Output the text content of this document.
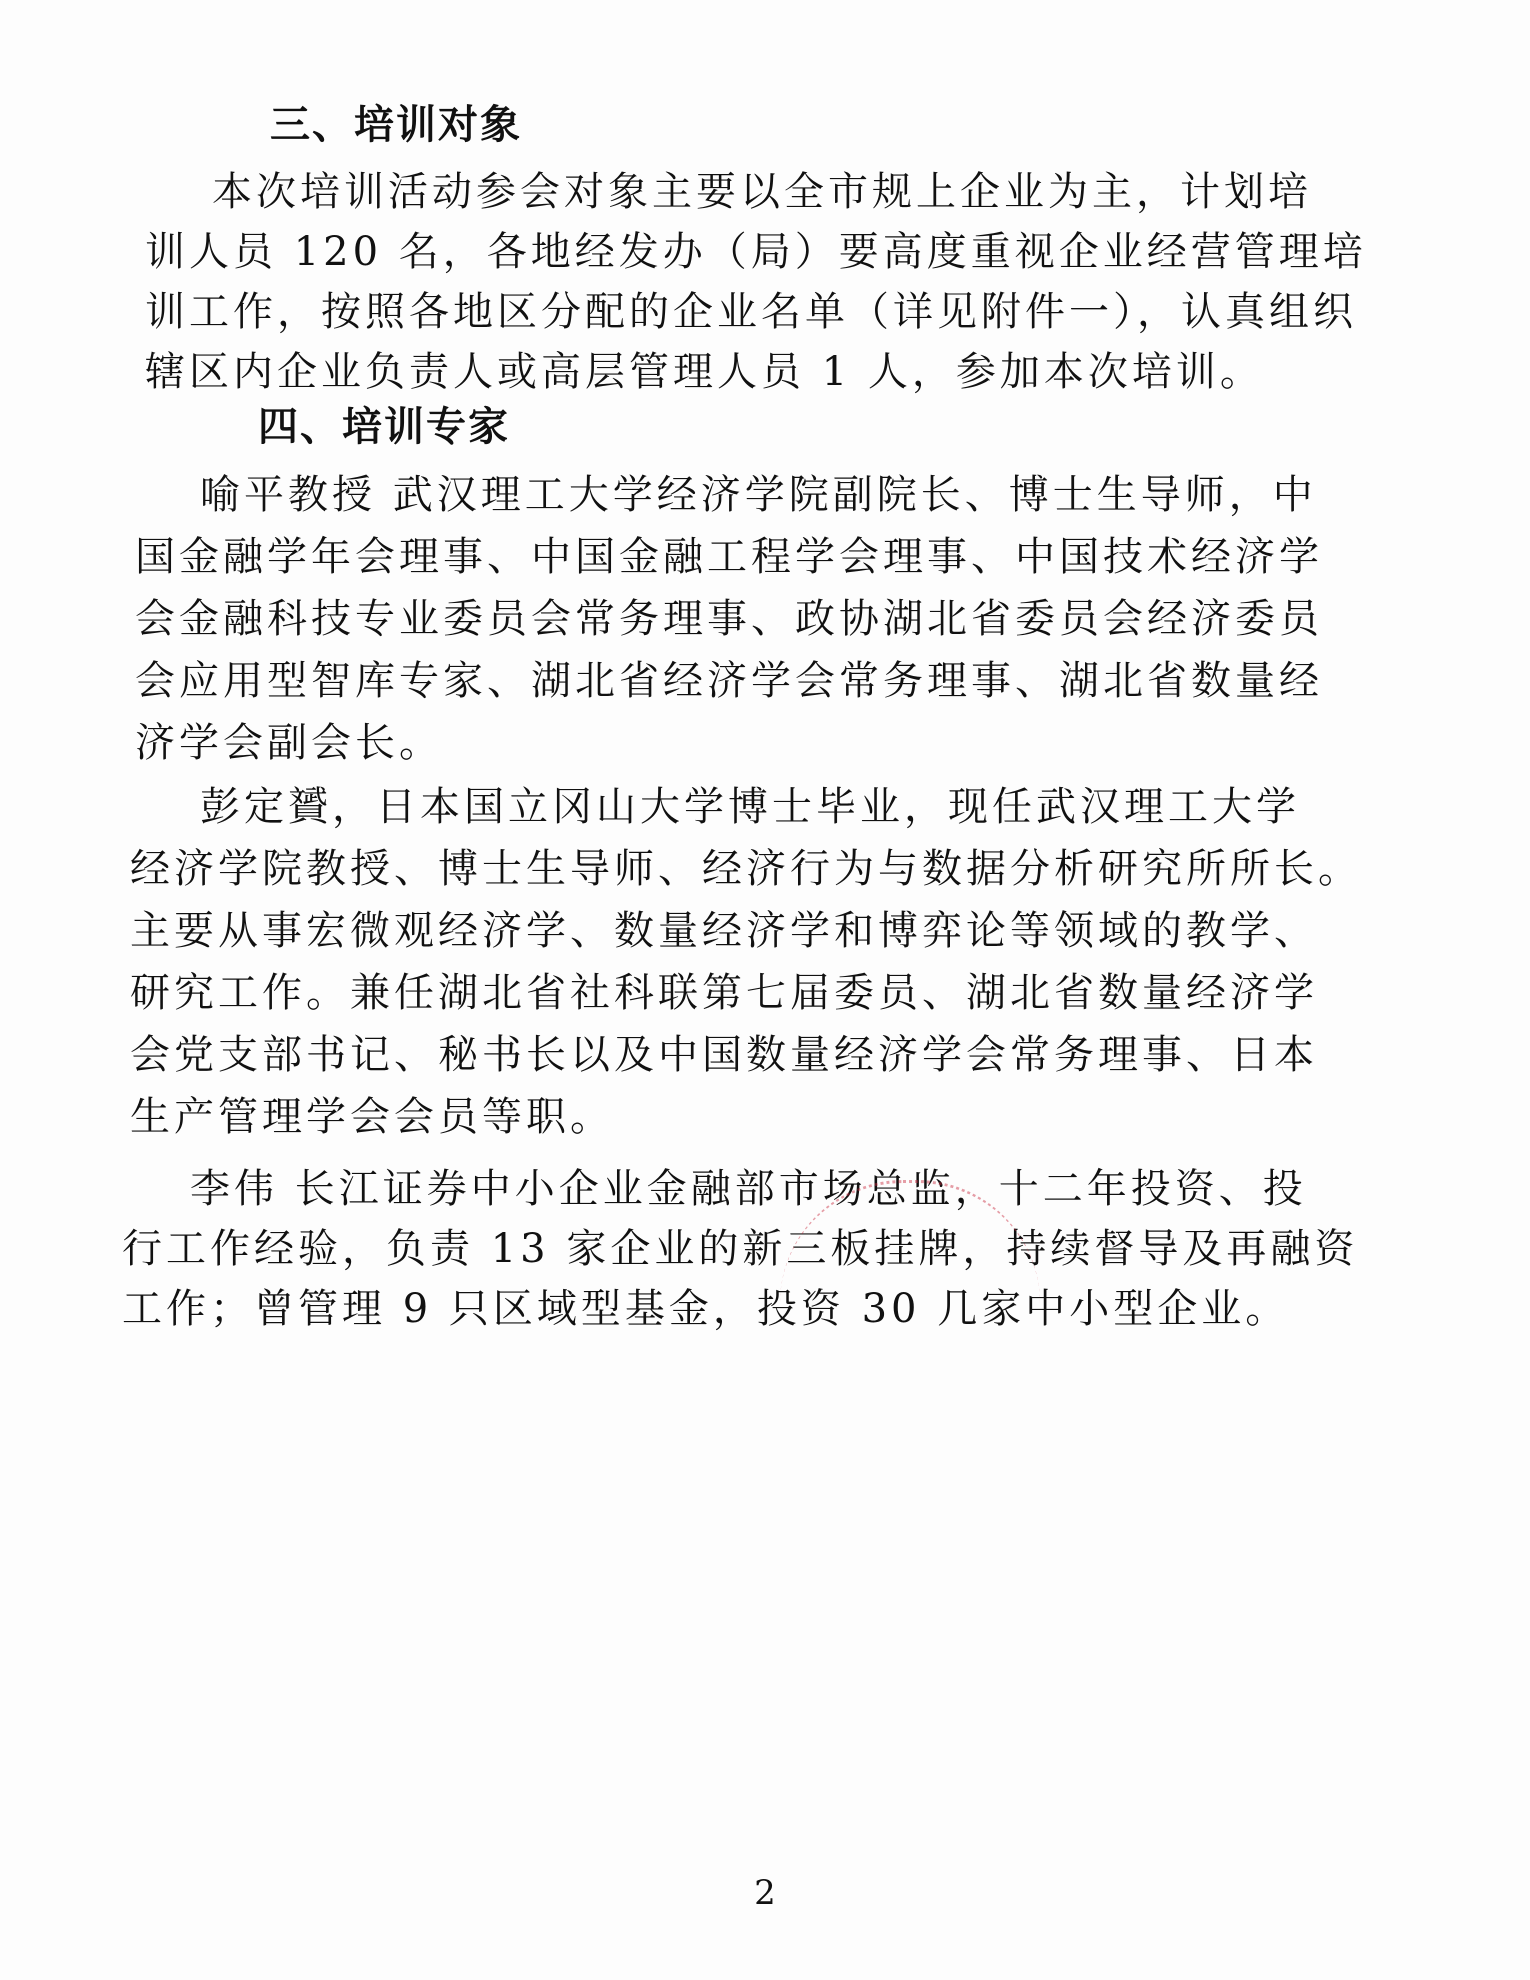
三、培训对象
本次培训活动参会对象主要以全市规上企业为主，计划培
训人员 120 名，各地经发办（局）要高度重视企业经营管理培
训工作，按照各地区分配的企业名单（详见附件一），认真组织
辖区内企业负责人或高层管理人员 1 人，参加本次培训。
四、培训专家
喻平教授 武汉理工大学经济学院副院长、博士生导师，中
国金融学年会理事、中国金融工程学会理事、中国技术经济学
会金融科技专业委员会常务理事、政协湖北省委员会经济委员
会应用型智库专家、湖北省经济学会常务理事、湖北省数量经
济学会副会长。
彭定贇，日本国立冈山大学博士毕业，现任武汉理工大学
经济学院教授、博士生导师、经济行为与数据分析研究所所长。
主要从事宏微观经济学、数量经济学和博弈论等领域的教学、
研究工作。兼任湖北省社科联第七届委员、湖北省数量经济学
会党支部书记、秘书长以及中国数量经济学会常务理事、日本
生产管理学会会员等职。
李伟 长江证券中小企业金融部市场总监，十二年投资、投
行工作经验，负责 13 家企业的新三板挂牌，持续督导及再融资
工作；曾管理 9 只区域型基金，投资 30 几家中小型企业。
2
